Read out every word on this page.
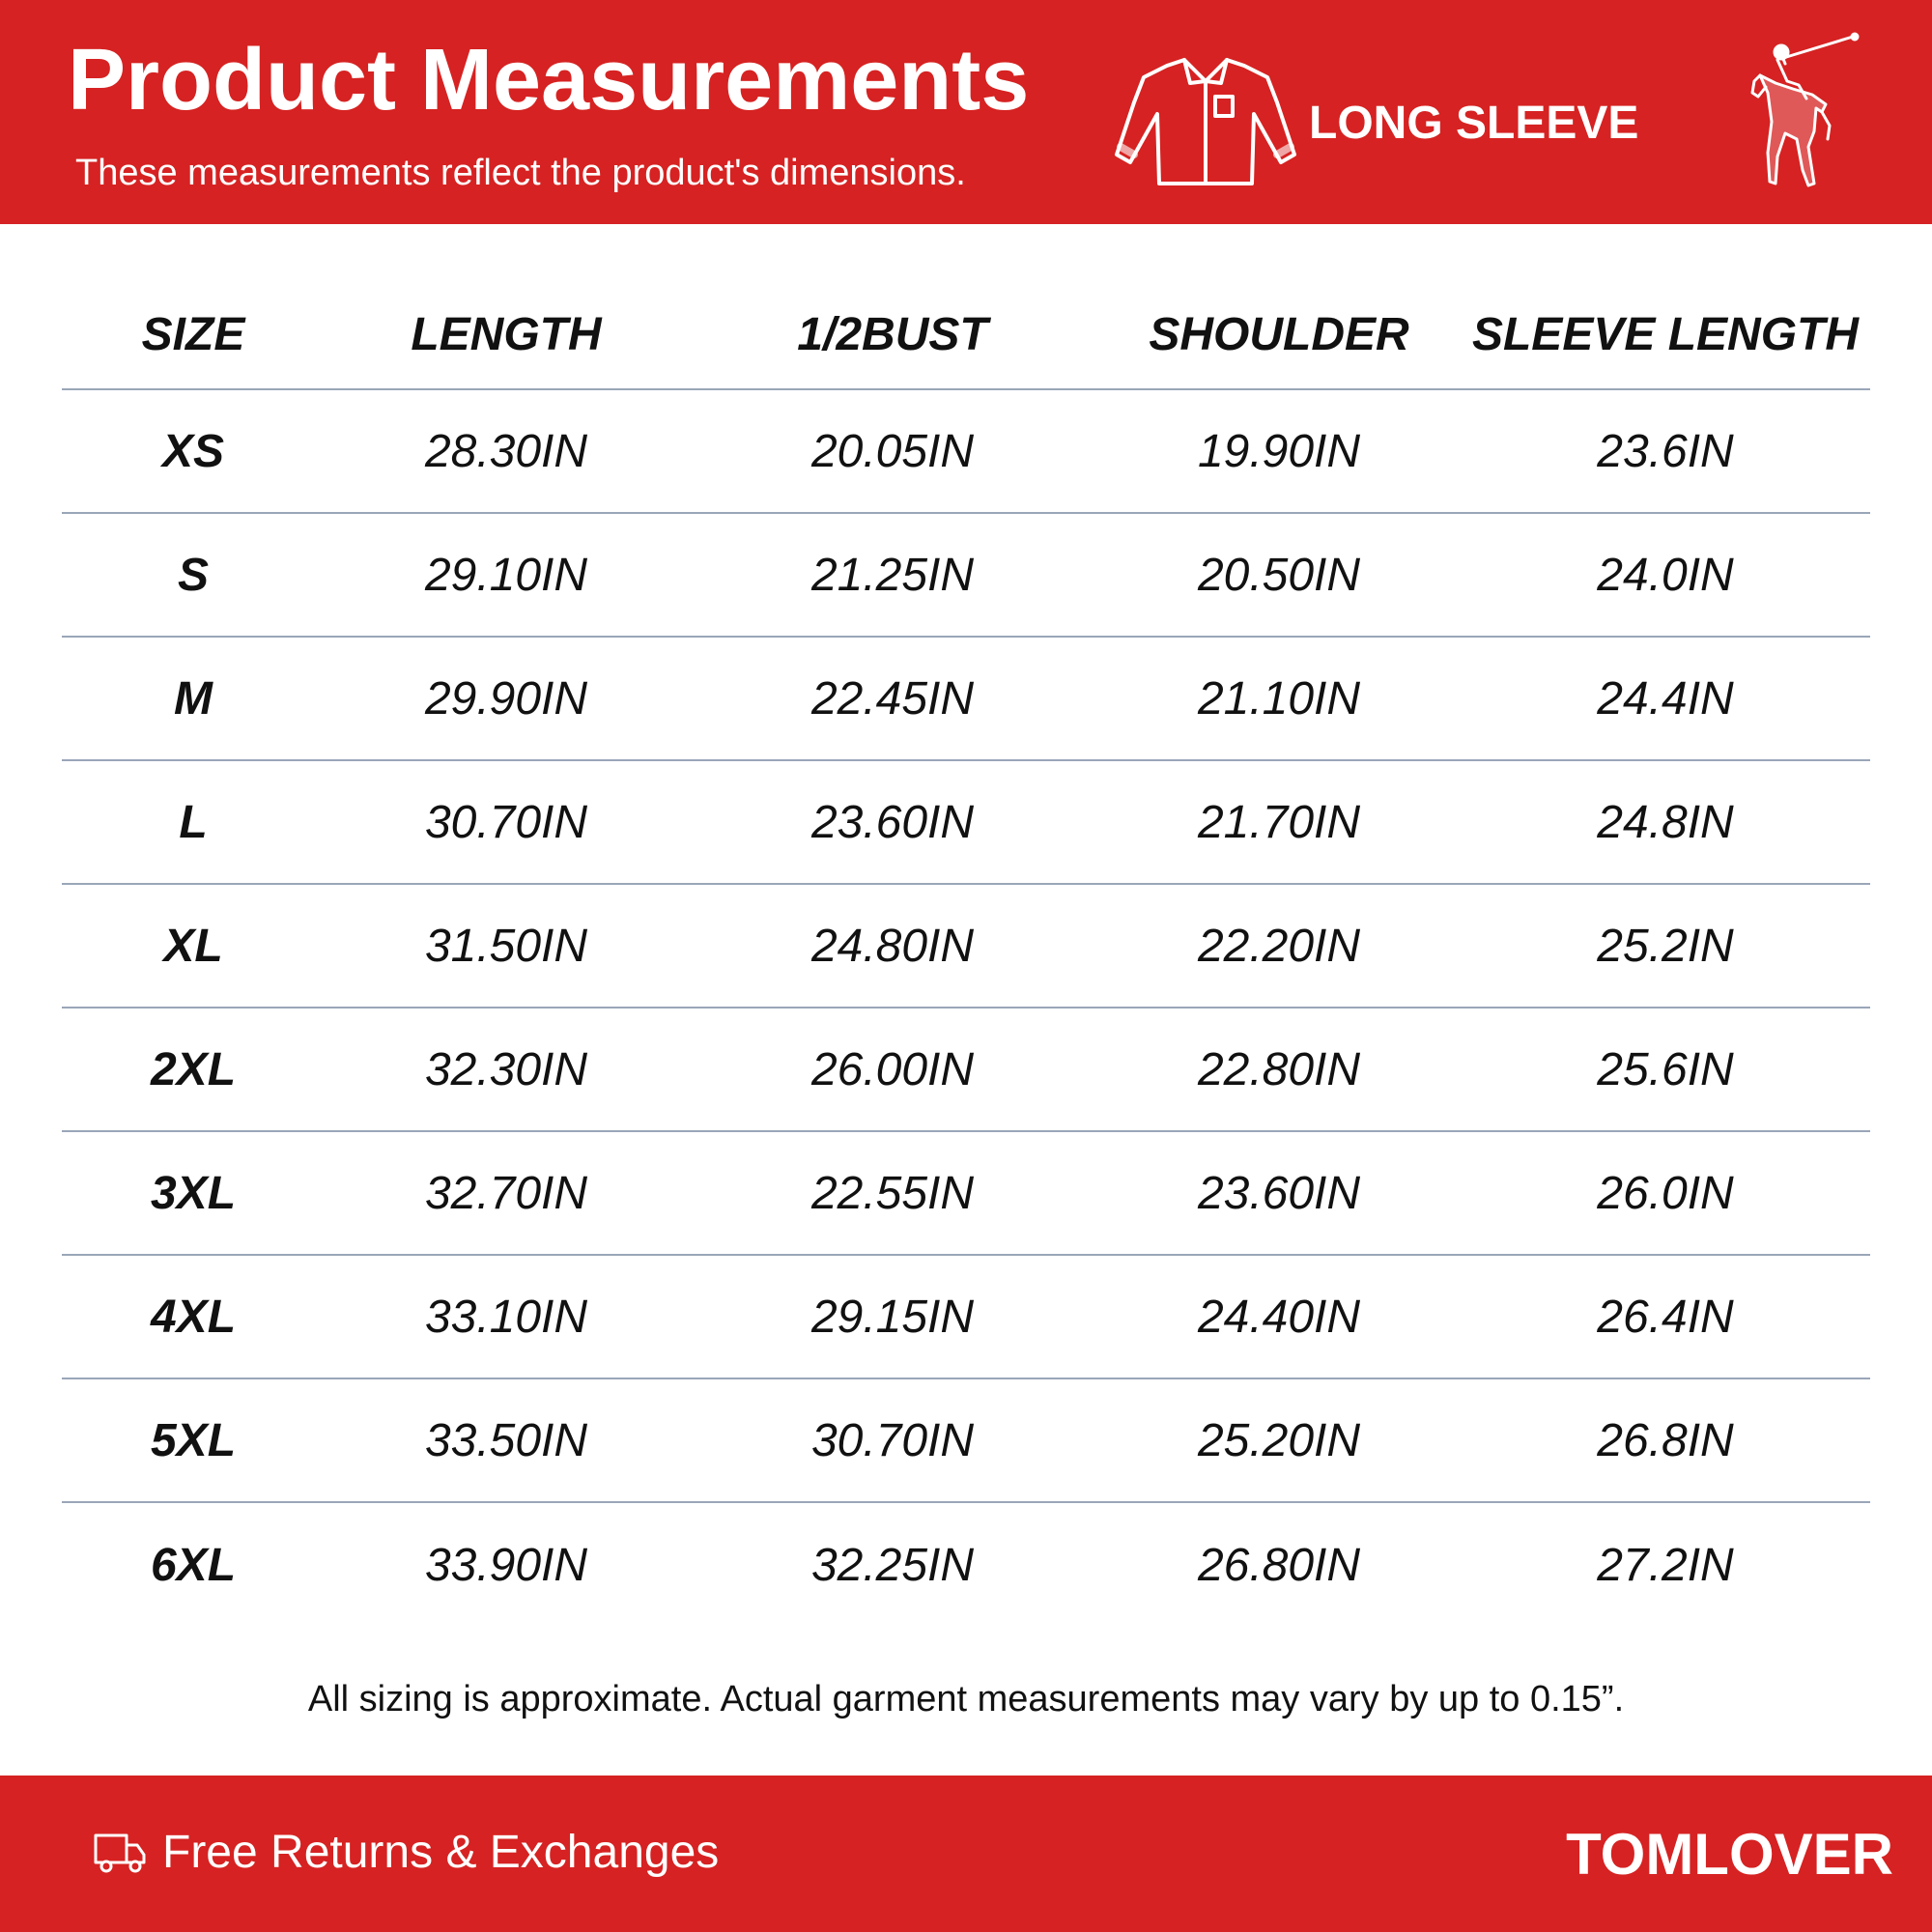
Product Measurements
These measurements reflect the product's dimensions.
LONG SLEEVE
SIZE	LENGTH	1/2BUST	SHOULDER	SLEEVE LENGTH
XS	28.30IN	20.05IN	19.90IN	23.6IN
S	29.10IN	21.25IN	20.50IN	24.0IN
M	29.90IN	22.45IN	21.10IN	24.4IN
L	30.70IN	23.60IN	21.70IN	24.8IN
XL	31.50IN	24.80IN	22.20IN	25.2IN
2XL	32.30IN	26.00IN	22.80IN	25.6IN
3XL	32.70IN	22.55IN	23.60IN	26.0IN
4XL	33.10IN	29.15IN	24.40IN	26.4IN
5XL	33.50IN	30.70IN	25.20IN	26.8IN
6XL	33.90IN	32.25IN	26.80IN	27.2IN
All sizing is approximate. Actual garment measurements may vary by up to 0.15”.
Free Returns & Exchanges	TOMLOVER
